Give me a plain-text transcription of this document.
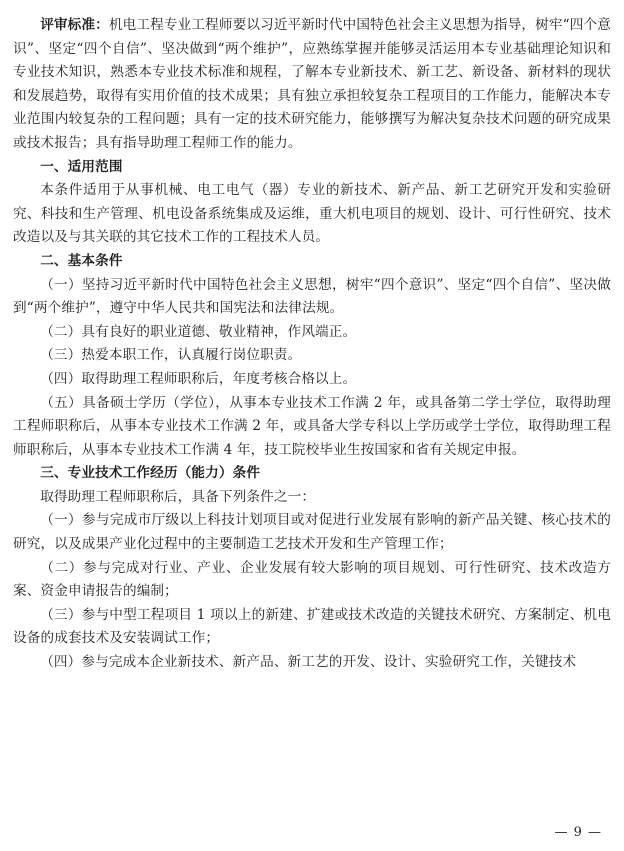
评审标准：机电工程专业工程师要以习近平新时代中国特色社会主义思想为指导，树牢“四个意识”、坚定“四个自信”、坚决做到“两个维护”，应熟练掌握并能够灵活运用本专业基础理论知识和专业技术知识，熟悉本专业技术标准和规程，了解本专业新技术、新工艺、新设备、新材料的现状和发展趋势，取得有实用价值的技术成果；具有独立承担较复杂工程项目的工作能力，能解决本专业范围内较复杂的工程问题；具有一定的技术研究能力，能够撰写为解决复杂技术问题的研究成果或技术报告；具有指导助理工程师工作的能力。

一、适用范围

本条件适用于从事机械、电工电气（器）专业的新技术、新产品、新工艺研究开发和实验研究、科技和生产管理、机电设备系统集成及运维，重大机电项目的规划、设计、可行性研究、技术改造以及与其关联的其它技术工作的工程技术人员。

二、基本条件

（一）坚持习近平新时代中国特色社会主义思想，树牢“四个意识”、坚定“四个自信”、坚决做到“两个维护”，遵守中华人民共和国宪法和法律法规。

（二）具有良好的职业道德、敬业精神，作风端正。

（三）热爱本职工作，认真履行岗位职责。

（四）取得助理工程师职称后，年度考核合格以上。

（五）具备硕士学历（学位），从事本专业技术工作满 2 年，或具备第二学士学位，取得助理工程师职称后，从事本专业技术工作满 2 年，或具备大学专科以上学历或学士学位，取得助理工程师职称后，从事本专业技术工作满 4 年，技工院校毕业生按国家和省有关规定申报。

三、专业技术工作经历（能力）条件

取得助理工程师职称后，具备下列条件之一：

（一）参与完成市厅级以上科技计划项目或对促进行业发展有影响的新产品关键、核心技术的研究，以及成果产业化过程中的主要制造工艺技术开发和生产管理工作；

（二）参与完成对行业、产业、企业发展有较大影响的项目规划、可行性研究、技术改造方案、资金申请报告的编制；

（三）参与中型工程项目 1 项以上的新建、扩建或技术改造的关键技术研究、方案制定、机电设备的成套技术及安装调试工作；

（四）参与完成本企业新技术、新产品、新工艺的开发、设计、实验研究工作，关键技术

— 9 —
